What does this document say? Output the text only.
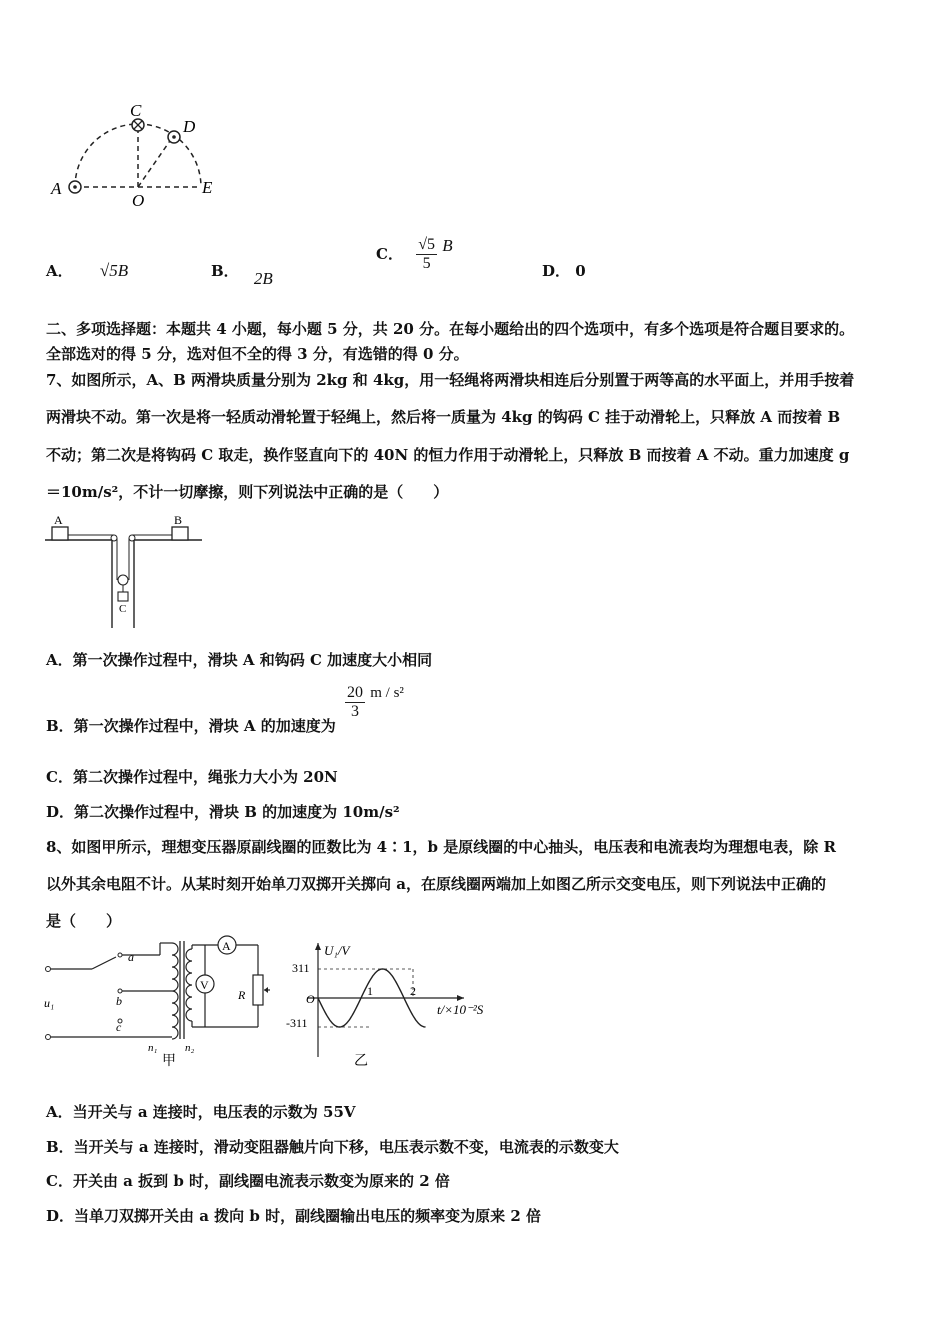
A
C
D
O
E
A． √5B	B． 2B
C． $\frac{√5}{5}$ B
D． 0
二、多项选择题：本题共 4 小题，每小题 5 分，共 20 分。在每小题给出的四个选项中，有多个选项是符合题目要求的。
全部选对的得 5 分，选对但不全的得 3 分，有选错的得 0 分。
7、如图所示，A、B 两滑块质量分别为 2kg 和 4kg，用一轻绳将两滑块相连后分别置于两等高的水平面上，并用手按着
两滑块不动。第一次是将一轻质动滑轮置于轻绳上，然后将一质量为 4kg 的钩码 C 挂于动滑轮上，只释放 A 而按着 B
不动；第二次是将钩码 C 取走，换作竖直向下的 40N 的恒力作用于动滑轮上，只释放 B 而按着 A 不动。重力加速度 g
＝10m/s²，不计一切摩擦，则下列说法中正确的是（　　）
A	B
C
A．第一次操作过程中，滑块 A 和钩码 C 加速度大小相同
B．第一次操作过程中，滑块 A 的加速度为
$\frac{20}{3}$ m / s²
C．第二次操作过程中，绳张力大小为 20N
D．第二次操作过程中，滑块 B 的加速度为 10m/s²
8、如图甲所示，理想变压器原副线圈的匝数比为 4∶1，b 是原线圈的中心抽头，电压表和电流表均为理想电表，除 R
以外其余电阻不计。从某时刻开始单刀双掷开关掷向 a，在原线圈两端加上如图乙所示交变电压，则下列说法中正确的
是（　　）
u₁
a
b
c
n₁	n₂
甲
A
R
V
U₁/V
311
-311
O
1	2
t/×10⁻²S
乙
A．当开关与 a 连接时，电压表的示数为 55V
B．当开关与 a 连接时，滑动变阻器触片向下移，电压表示数不变，电流表的示数变大
C．开关由 a 扳到 b 时，副线圈电流表示数变为原来的 2 倍
D．当单刀双掷开关由 a 拨向 b 时，副线圈输出电压的频率变为原来 2 倍
